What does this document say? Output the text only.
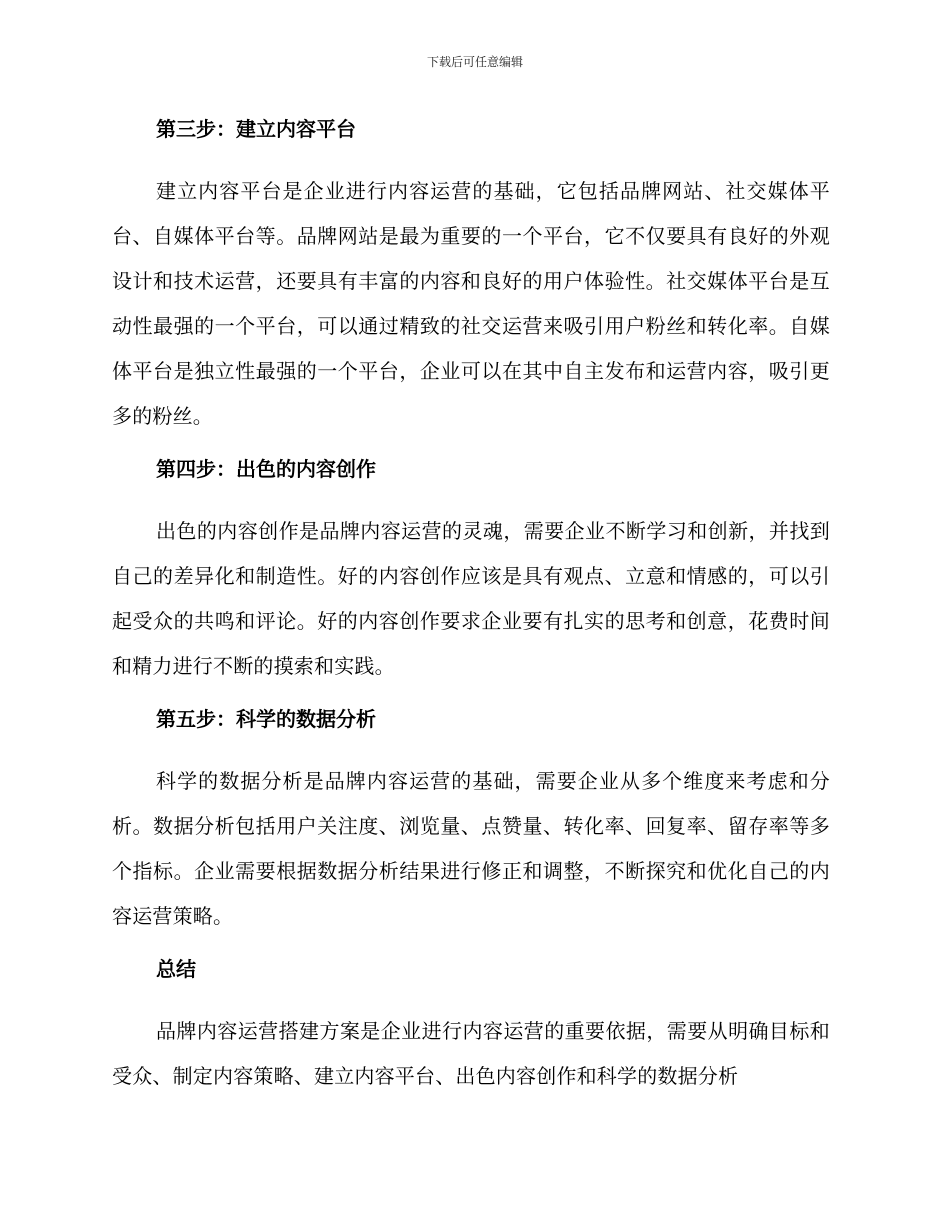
下载后可任意编辑

第三步：建立内容平台

建立内容平台是企业进行内容运营的基础，它包括品牌网站、社交媒体平台、自媒体平台等。品牌网站是最为重要的一个平台，它不仅要具有良好的外观设计和技术运营，还要具有丰富的内容和良好的用户体验性。社交媒体平台是互动性最强的一个平台，可以通过精致的社交运营来吸引用户粉丝和转化率。自媒体平台是独立性最强的一个平台，企业可以在其中自主发布和运营内容，吸引更多的粉丝。

第四步：出色的内容创作

出色的内容创作是品牌内容运营的灵魂，需要企业不断学习和创新，并找到自己的差异化和制造性。好的内容创作应该是具有观点、立意和情感的，可以引起受众的共鸣和评论。好的内容创作要求企业要有扎实的思考和创意，花费时间和精力进行不断的摸索和实践。

第五步：科学的数据分析

科学的数据分析是品牌内容运营的基础，需要企业从多个维度来考虑和分析。数据分析包括用户关注度、浏览量、点赞量、转化率、回复率、留存率等多个指标。企业需要根据数据分析结果进行修正和调整，不断探究和优化自己的内容运营策略。

总结

品牌内容运营搭建方案是企业进行内容运营的重要依据，需要从明确目标和受众、制定内容策略、建立内容平台、出色内容创作和科学的数据分析
